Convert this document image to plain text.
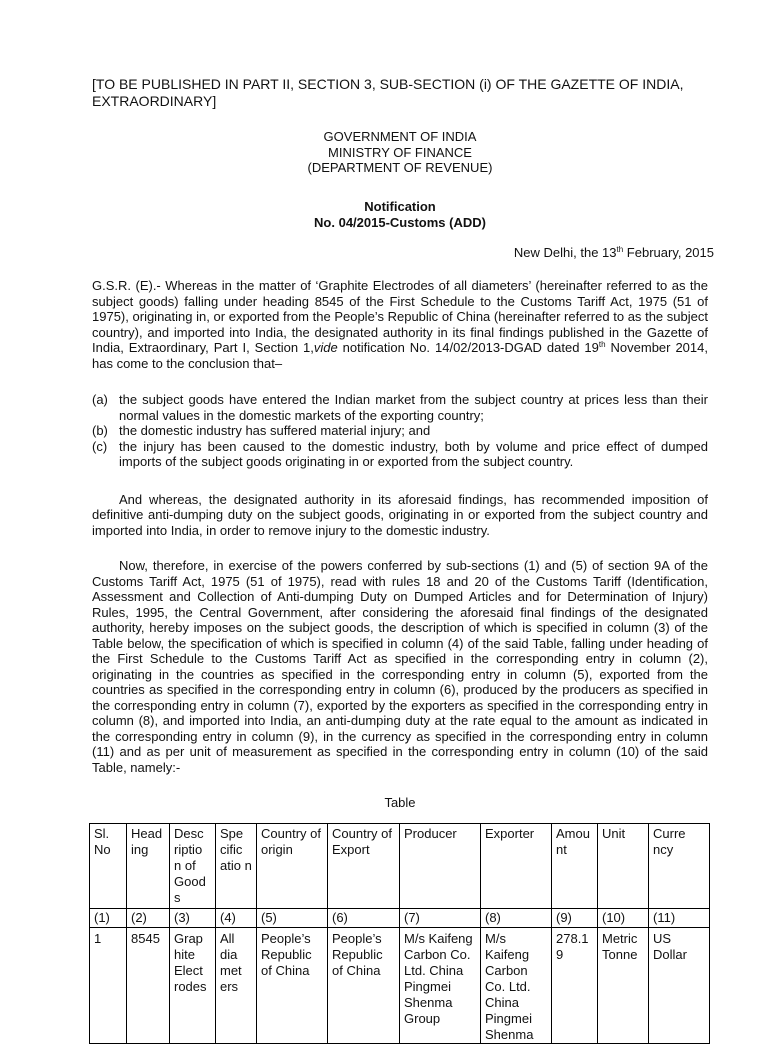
[TO BE PUBLISHED IN PART II, SECTION 3, SUB-SECTION (i) OF THE GAZETTE OF INDIA, EXTRAORDINARY]
GOVERNMENT OF INDIA
MINISTRY OF FINANCE
(DEPARTMENT OF REVENUE)
Notification
No. 04/2015-Customs (ADD)
New Delhi, the 13th February, 2015

G.S.R. (E).- Whereas in the matter of ‘Graphite Electrodes of all diameters’ (hereinafter referred to as the subject goods) falling under heading 8545 of the First Schedule to the Customs Tariff Act, 1975 (51 of 1975), originating in, or exported from the People’s Republic of China (hereinafter referred to as the subject country), and imported into India, the designated authority in its final findings published in the Gazette of India, Extraordinary, Part I, Section 1,vide notification No. 14/02/2013-DGAD dated 19th November 2014, has come to the conclusion that–

(a) the subject goods have entered the Indian market from the subject country at prices less than their normal values in the domestic markets of the exporting country;
(b) the domestic industry has suffered material injury; and
(c) the injury has been caused to the domestic industry, both by volume and price effect of dumped imports of the subject goods originating in or exported from the subject country.

And whereas, the designated authority in its aforesaid findings, has recommended imposition of definitive anti-dumping duty on the subject goods, originating in or exported from the subject country and imported into India, in order to remove injury to the domestic industry.

Now, therefore, in exercise of the powers conferred by sub-sections (1) and (5) of section 9A of the Customs Tariff Act, 1975 (51 of 1975), read with rules 18 and 20 of the Customs Tariff (Identification, Assessment and Collection of Anti-dumping Duty on Dumped Articles and for Determination of Injury) Rules, 1995, the Central Government, after considering the aforesaid final findings of the designated authority, hereby imposes on the subject goods, the description of which is specified in column (3) of the Table below, the specification of which is specified in column (4) of the said Table, falling under heading of the First Schedule to the Customs Tariff Act as specified in the corresponding entry in column (2), originating in the countries as specified in the corresponding entry in column (5), exported from the countries as specified in the corresponding entry in column (6), produced by the producers as specified in the corresponding entry in column (7), exported by the exporters as specified in the corresponding entry in column (8), and imported into India, an anti-dumping duty at the rate equal to the amount as indicated in the corresponding entry in column (9), in the currency as specified in the corresponding entry in column (11) and as per unit of measurement as specified in the corresponding entry in column (10) of the said Table, namely:-

Table
Sl. No	Head ing	Desc riptio n of Good s	Spe cific atio n	Country of origin	Country of Export	Producer	Exporter	Amount	Unit	Curre ncy
(1)	(2)	(3)	(4)	(5)	(6)	(7)	(8)	(9)	(10)	(11)
1	8545	Grap hite Elect rodes	All dia met ers	People’s Republic of China	People’s Republic of China	M/s Kaifeng Carbon Co. Ltd. China Pingmei Shenma Group	M/s Kaifeng Carbon Co. Ltd. China Pingmei Shenma	278.19	Metric Tonne	US Dollar
